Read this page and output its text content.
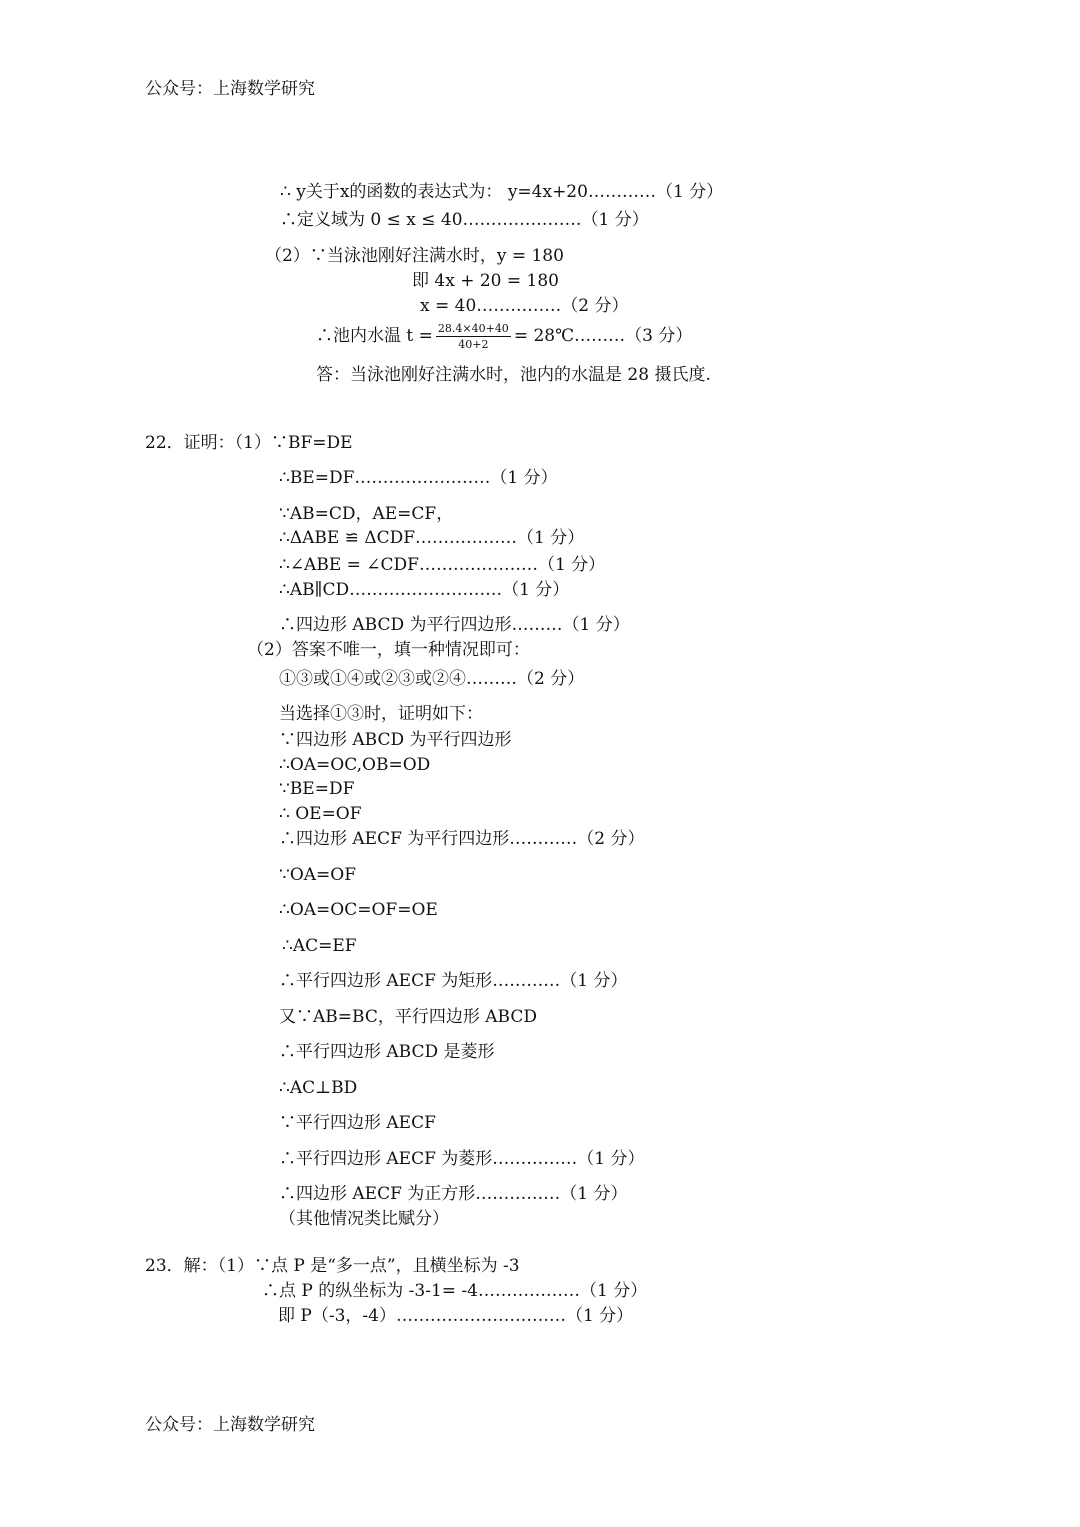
公众号：上海数学研究
∴ y关于x的函数的表达式为： y=4x+20…………（1 分）
∴定义域为 0 ≤ x ≤ 40…………………（1 分）
（2）∵当泳池刚好注满水时，y = 180
即 4x + 20 = 180
x = 40……………（2 分）
∴池内水温 $t = \frac{28.4\times 40+40}{40+2}$ = 28℃………（3 分）
答：当泳池刚好注满水时，池内的水温是 28 摄氏度.
22．证明：（1）∵BF=DE
∴BE=DF……………………（1 分）
∵AB=CD，AE=CF，
∴ΔABE ≌ ΔCDF………………（1 分）
∴∠ABE = ∠CDF…………………（1 分）
∴AB∥CD………………………（1 分）
∴四边形 ABCD 为平行四边形………（1 分）
（2）答案不唯一，填一种情况即可：
①③或①④或②③或②④………（2 分）
当选择①③时，证明如下：
∵四边形 ABCD 为平行四边形
∴OA=OC,OB=OD
∵BE=DF
∴ OE=OF
∴四边形 AECF 为平行四边形…………（2 分）
∵OA=OF
∴OA=OC=OF=OE
∴AC=EF
∴平行四边形 AECF 为矩形…………（1 分）
又∵AB=BC，平行四边形 ABCD
∴平行四边形 ABCD 是菱形
∴AC⊥BD
∵平行四边形 AECF
∴平行四边形 AECF 为菱形……………（1 分）
∴四边形 AECF 为正方形……………（1 分）
（其他情况类比赋分）
23．解：（1）∵点 P 是“多一点”，且横坐标为 -3
∴点 P 的纵坐标为 -3-1= -4………………（1 分）
即 P（-3，-4）…………………………（1 分）
公众号：上海数学研究
